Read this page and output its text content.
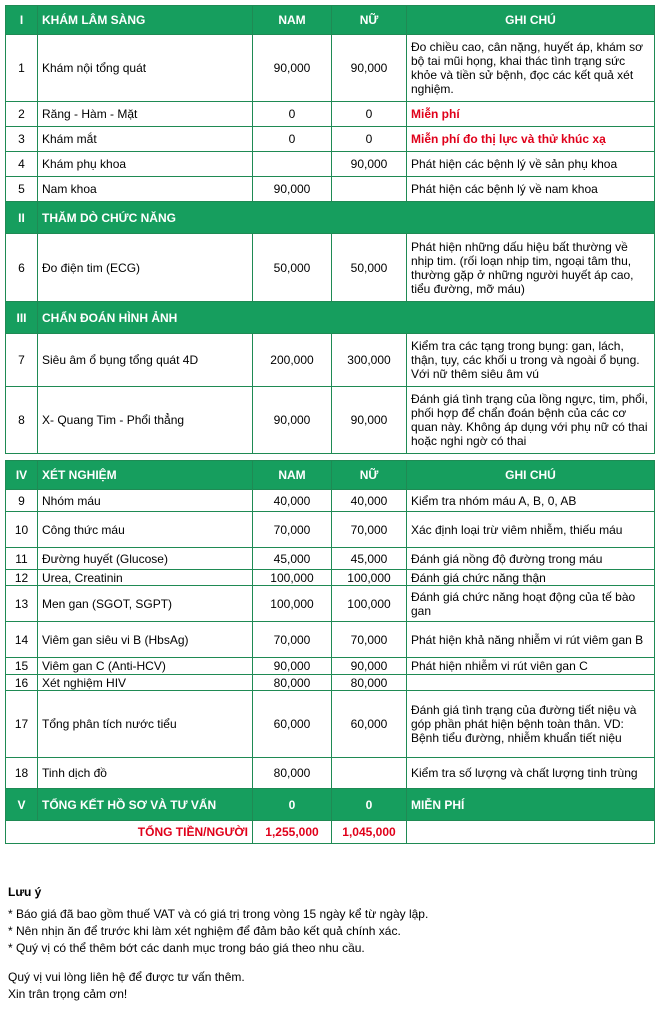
I	KHÁM LÂM SÀNG	NAM	NỮ	GHI CHÚ
1	Khám nội tổng quát	90,000	90,000	Đo chiều cao, cân nặng, huyết áp, khám sơ bộ tai mũi họng, khai thác tình trạng sức khỏe và tiền sử bệnh, đọc các kết quả xét nghiệm.
2	Răng - Hàm - Mặt	0	0	Miễn phí
3	Khám mắt	0	0	Miễn phí đo thị lực và thử khúc xạ
4	Khám phụ khoa		90,000	Phát hiện các bệnh lý về sản phụ khoa
5	Nam khoa	90,000		Phát hiện các bệnh lý về nam khoa
II	THĂM DÒ CHỨC NĂNG			
6	Đo điện tim (ECG)	50,000	50,000	Phát hiện những dấu hiệu bất thường về nhịp tim. (rối loạn nhịp tim, ngoại tâm thu, thường gặp ở những người huyết áp cao, tiểu đường, mỡ máu)
III	CHẨN ĐOÁN HÌNH ẢNH			
7	Siêu âm ổ bụng tổng quát 4D	200,000	300,000	Kiểm tra các tạng trong bụng: gan, lách, thận, tụy, các khối u trong và ngoài ổ bụng. Với nữ thêm siêu âm vú
8	X- Quang Tim - Phổi thẳng	90,000	90,000	Đánh giá tình trạng của lồng ngực, tim, phổi, phối hợp để chẩn đoán bệnh của các cơ quan này. Không áp dụng với phụ nữ có thai hoặc nghi ngờ có thai

IV	XÉT NGHIỆM	NAM	NỮ	GHI CHÚ
9	Nhóm máu	40,000	40,000	Kiểm tra nhóm máu A, B, 0, AB
10	Công thức máu	70,000	70,000	Xác định loại trừ viêm nhiễm, thiếu máu
11	Đường huyết (Glucose)	45,000	45,000	Đánh giá nồng độ đường trong máu
12	Urea, Creatinin	100,000	100,000	Đánh giá chức năng thận
13	Men gan (SGOT, SGPT)	100,000	100,000	Đánh giá chức năng hoạt động của tế bào gan
14	Viêm gan siêu vi B (HbsAg)	70,000	70,000	Phát hiện khả năng nhiễm vi rút viêm gan B
15	Viêm gan C (Anti-HCV)	90,000	90,000	Phát hiện nhiễm vi rút viên gan C
16	Xét nghiệm HIV	80,000	80,000	
17	Tổng phân tích nước tiểu	60,000	60,000	Đánh giá tình trạng của đường tiết niệu và góp phần phát hiện bệnh toàn thân. VD: Bệnh tiểu đường, nhiễm khuẩn tiết niệu
18	Tinh dịch đồ	80,000		Kiểm tra số lượng và chất lượng tinh trùng
V	TỔNG KẾT HỒ SƠ VÀ TƯ VẤN	0	0	MIỄN PHÍ
TỔNG TIỀN/NGƯỜI		1,255,000	1,045,000	
Lưu ý
* Báo giá đã bao gồm thuế VAT và có giá trị trong vòng 15 ngày kể từ ngày lập.
* Nên nhịn ăn để trước khi làm xét nghiệm để đảm bảo kết quả chính xác.
* Quý vị có thể thêm bớt các danh mục trong báo giá theo nhu cầu.
Quý vị vui lòng liên hệ để được tư vấn thêm.
Xin trân trọng cảm ơn!
